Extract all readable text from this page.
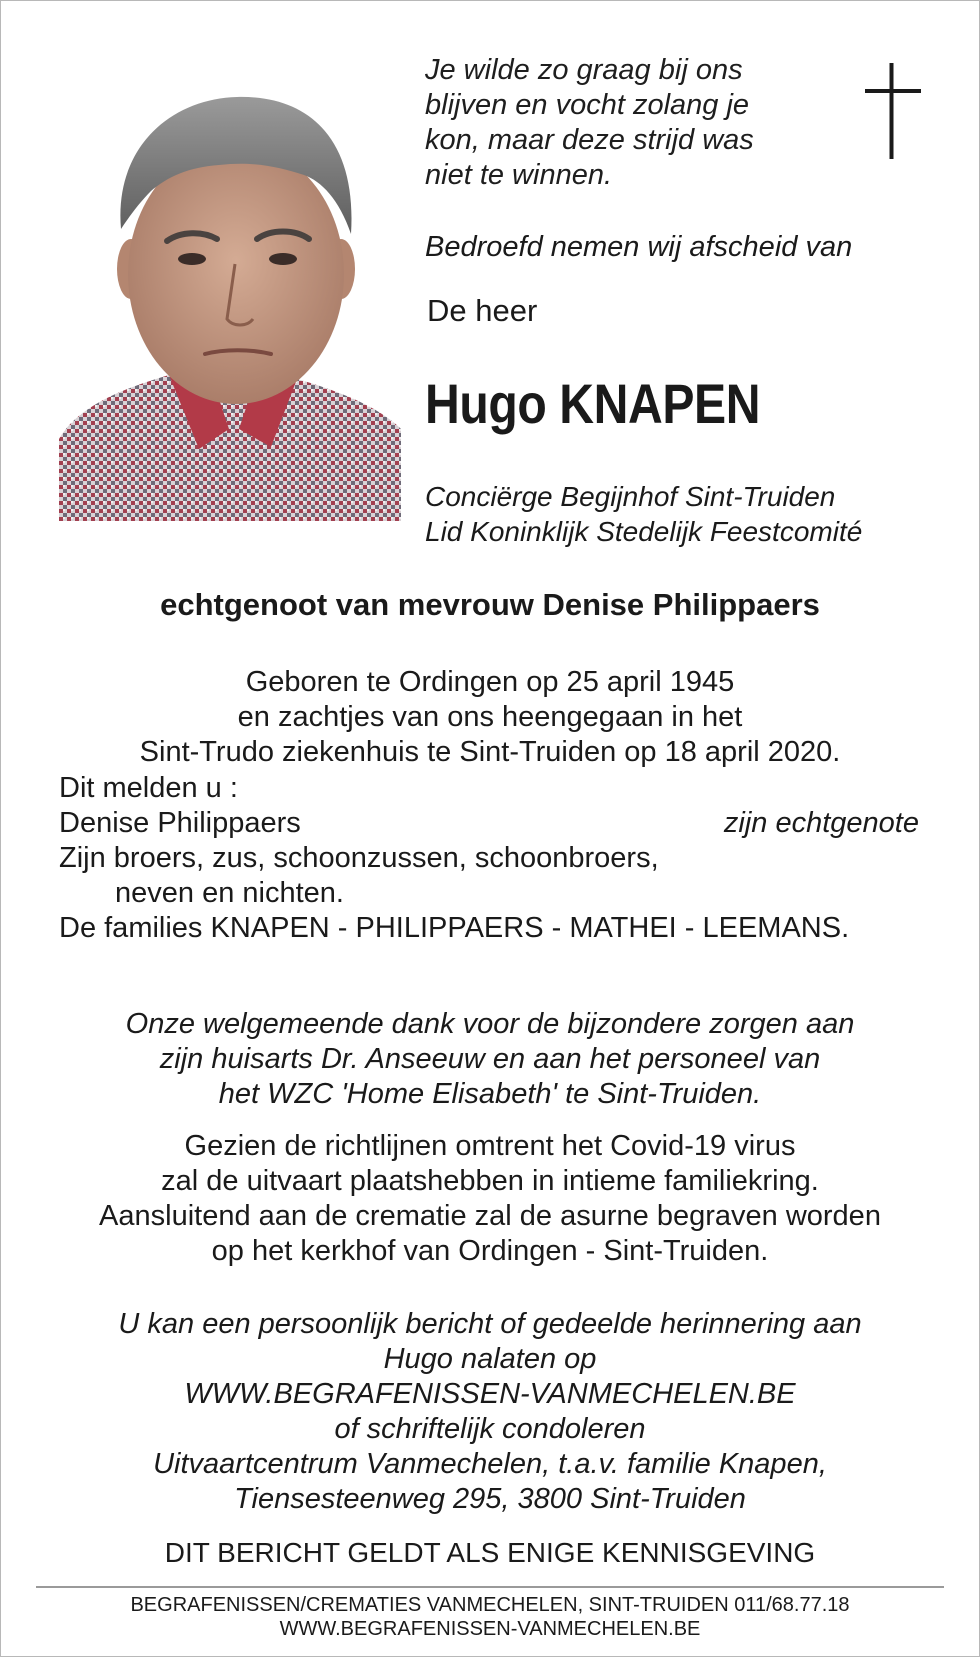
Je wilde zo graag bij ons

blijven en vocht zolang je

kon, maar deze strijd was

niet te winnen.

Bedroefd nemen wij afscheid van
De heer
Hugo KNAPEN
Conciërge Begijnhof Sint-Truiden
Lid Koninklijk Stedelijk Feestcomité
echtgenoot van mevrouw Denise Philippaers
Geboren te Ordingen op 25 april 1945
en zachtjes van ons heengegaan in het
Sint-Trudo ziekenhuis te Sint-Truiden op 18 april 2020.
Dit melden u :
Denise Philippaers	zijn echtgenote
Zijn broers, zus, schoonzussen, schoonbroers,
neven en nichten.
De families KNAPEN - PHILIPPAERS - MATHEI - LEEMANS.
Onze welgemeende dank voor de bijzondere zorgen aan
zijn huisarts Dr. Anseeuw en aan het personeel van
het WZC 'Home Elisabeth' te Sint-Truiden.
Gezien de richtlijnen omtrent het Covid-19 virus
zal de uitvaart plaatshebben in intieme familiekring.
Aansluitend aan de crematie zal de asurne begraven worden
op het kerkhof van Ordingen - Sint-Truiden.
U kan een persoonlijk bericht of gedeelde herinnering aan
Hugo nalaten op
WWW.BEGRAFENISSEN-VANMECHELEN.BE
of schriftelijk condoleren
Uitvaartcentrum Vanmechelen, t.a.v. familie Knapen,
Tiensesteenweg 295, 3800 Sint-Truiden
DIT BERICHT GELDT ALS ENIGE KENNISGEVING
BEGRAFENISSEN/CREMATIES VANMECHELEN, SINT-TRUIDEN 011/68.77.18
WWW.BEGRAFENISSEN-VANMECHELEN.BE
